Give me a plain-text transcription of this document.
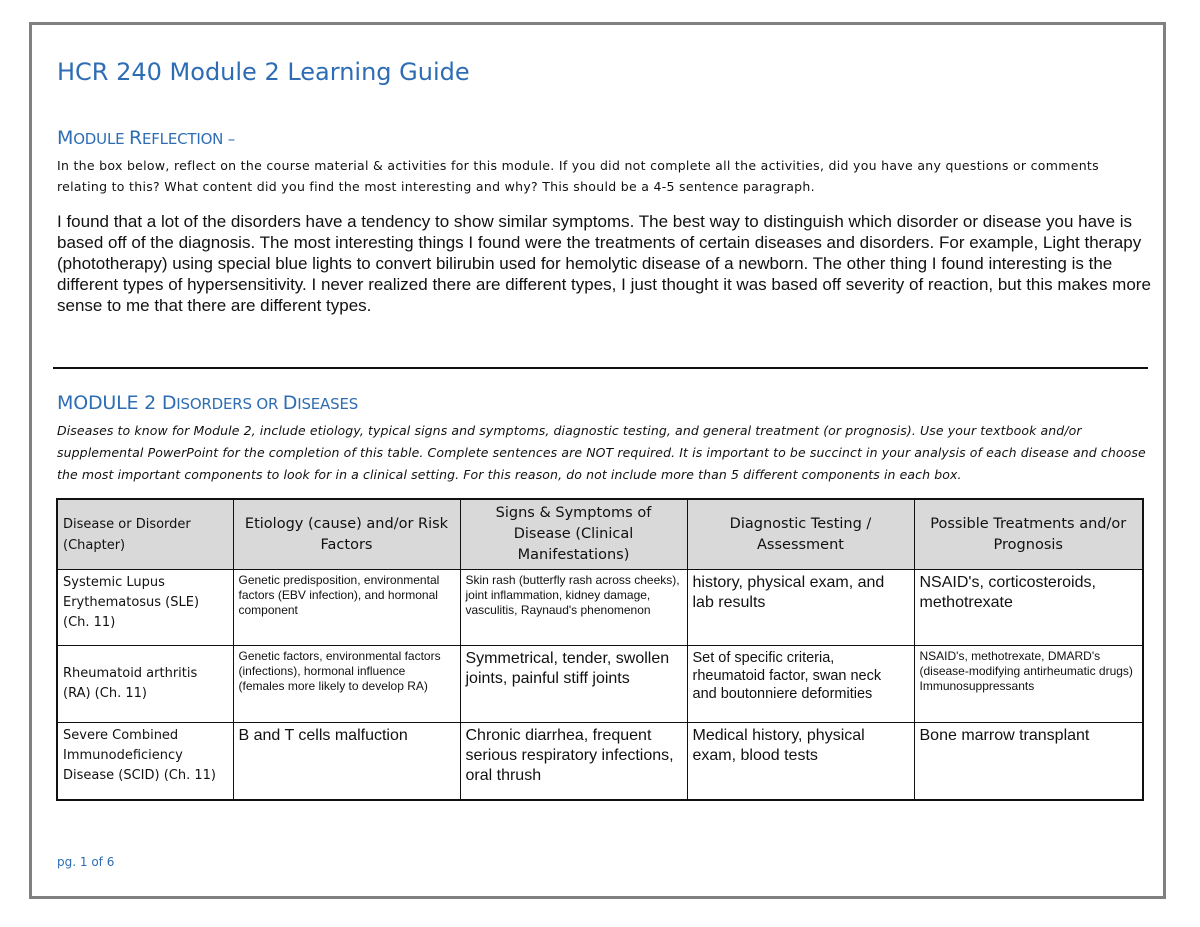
HCR 240 Module 2 Learning Guide
MODULE REFLECTION –
In the box below, reflect on the course material & activities for this module. If you did not complete all the activities, did you have any questions or comments relating to this? What content did you find the most interesting and why? This should be a 4-5 sentence paragraph.
I found that a lot of the disorders have a tendency to show similar symptoms. The best way to distinguish which disorder or disease you have is based off of the diagnosis. The most interesting things I found were the treatments of certain diseases and disorders. For example, Light therapy (phototherapy) using special blue lights to convert bilirubin used for hemolytic disease of a newborn. The other thing I found interesting is the different types of hypersensitivity. I never realized there are different types, I just thought it was based off severity of reaction, but this makes more sense to me that there are different types.
MODULE 2 DISORDERS OR DISEASES
Diseases to know for Module 2, include etiology, typical signs and symptoms, diagnostic testing, and general treatment (or prognosis). Use your textbook and/or supplemental PowerPoint for the completion of this table. Complete sentences are NOT required. It is important to be succinct in your analysis of each disease and choose the most important components to look for in a clinical setting. For this reason, do not include more than 5 different components in each box.
Disease or Disorder (Chapter)	Etiology (cause) and/or Risk Factors	Signs & Symptoms of Disease (Clinical Manifestations)	Diagnostic Testing / Assessment	Possible Treatments and/or Prognosis
Systemic Lupus Erythematosus (SLE) (Ch. 11)	Genetic predisposition, environmental factors (EBV infection), and hormonal component	Skin rash (butterfly rash across cheeks), joint inflammation, kidney damage, vasculitis, Raynaud's phenomenon	history, physical exam, and lab results	NSAID's, corticosteroids, methotrexate
Rheumatoid arthritis (RA) (Ch. 11)	Genetic factors, environmental factors (infections), hormonal influence (females more likely to develop RA)	Symmetrical, tender, swollen joints, painful stiff joints	Set of specific criteria, rheumatoid factor, swan neck and boutonniere deformities	NSAID's, methotrexate, DMARD's (disease-modifying antirheumatic drugs) Immunosuppressants
Severe Combined Immunodeficiency Disease (SCID) (Ch. 11)	B and T cells malfuction	Chronic diarrhea, frequent serious respiratory infections, oral thrush	Medical history, physical exam, blood tests	Bone marrow transplant
pg. 1 of 6
